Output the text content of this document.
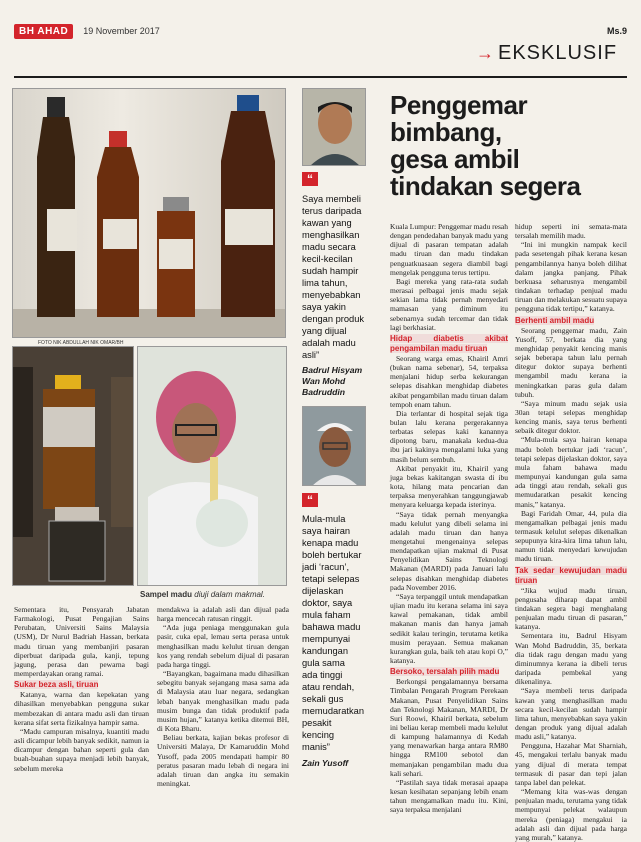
BH AHAD	19 November 2017	Ms.9
→ EKSKLUSIF
FOTO NIK ABDULLAH NIK OMAR/BH
Sampel madu diuji dalam makmal.
“
Saya membeli
terus daripada
kawan yang
menghasilkan
madu secara
kecil-kecilan
sudah hampir
lima tahun,
menyebabkan
saya yakin
dengan produk
yang dijual
adalah madu
asli”
Badrul Hisyam
Wan Mohd
Badruddin
“
Mula-mula
saya hairan
kenapa madu
boleh bertukar
jadi ‘racun’,
tetapi selepas
dijelaskan
doktor, saya
mula faham
bahawa madu
mempunyai
kandungan
gula sama
ada tinggi
atau rendah,
sekali gus
memudaratkan
pesakit
kencing
manis”
Zain Yusoff
Penggemar
bimbang,
gesa ambil
tindakan segera

Sementara itu, Pensyarah Jabatan Farmakologi, Pusat Pengajian Sains Perubatan, Universiti Sains Malaysia (USM), Dr Nurul Badriah Hassan, berkata madu tiruan yang membanjiri pasaran diperbuat daripada gula, kanji, tepung jagung, perasa dan pewarna bagi memperdayakan orang ramai.

Sukar beza asli, tiruan

Katanya, warna dan kepekatan yang dihasilkan menyebabkan pengguna sukar membezakan di antara madu asli dan tiruan kerana sifat serta fizikalnya hampir sama.

“Madu campuran misalnya, kuantiti madu asli dicampur lebih banyak sedikit, namun ia dicampur dengan bahan seperti gula dan buah-buahan supaya menjadi lebih banyak, sebelum mereka

mendakwa ia adalah asli dan dijual pada harga mencecah ratusan ringgit.

“Ada juga peniaga menggunakan gula pasir, cuka epal, lemau serta perasa untuk menghasilkan madu kelulut tiruan dengan kos yang rendah sebelum dijual di pasaran pada harga tinggi.

“Bayangkan, bagaimana madu dihasilkan sebegitu banyak sejangang masa sama ada di Malaysia atau luar negara, sedangkan lebah banyak menghasilkan madu pada musim bunga dan tidak produktif pada musim hujan,” katanya ketika ditemui BH, di Kota Bharu.

Beliau berkata, kajian bekas profesor di Universiti Malaya, Dr Kamaruddin Mohd Yusoff, pada 2005 mendapati hampir 80 peratus pasaran madu lebah di negara ini adalah tiruan dan angka itu semakin meningkat.

Kuala Lumpur: Penggemar madu resah dengan pendedahan banyak madu yang dijual di pasaran tempatan adalah madu tiruan dan madu tindakan penguatkuasaan segera diambil bagi mengelak pengguna terus tertipu.

Bagi mereka yang rata-rata sudah merasai pelbagai jenis madu sejak sekian lama tidak pernah menyedari mamasan yang diminum itu sebenarnya sudah tercemar dan tidak lagi berkhasiat.

Hidap diabetis akibat pengambilan madu tiruan

Seorang warga emas, Khairil Amri (bukan nama sebenar), 54, terpaksa menjalani hidup serba kekurangan selepas disahkan menghidap diabetes akibat pengambilan madu tiruan dalam tempoh enam tahun.

Dia terlantar di hospital sejak tiga bulan lalu kerana pergerakannya terbatas selepas kaki kanannya dipotong baru, manakala kedua-dua ibu jari kakinya mengalami luka yang masih belum sembuh.

Akibat penyakit itu, Khairil yang juga bekas kakitangan swasta di ibu kota, hilang mata pencarian dan terpaksa menyerahkan tanggungjawab menyara keluarga kepada isterinya.

“Saya tidak pernah menyangka madu kelulut yang dibeli selama ini adalah madu tiruan dan hanya mengetahui mengenainya selepas mendapatkan ujian makmal di Pusat Penyelidikan Sains Teknologi Makanan (MARDI) pada Januari lalu selepas disahkan menghidap diabetes pada November 2016.

“Saya terpanggil untuk mendapatkan ujian madu itu kerana selama ini saya kawal pemakanan, tidak ambil makanan manis dan hanya jamah sedikit kalau teringin, terutama ketika musim perayaan. Semua makanan kurangkan gula, baik teh atau kopi O,” katanya.

Bersoko, tersalah pilih madu

Berkongsi pengalamannya bersama Timbalan Pengarah Program Perekaan Makanan, Pusat Penyelidikan Sains dan Teknologi Makanan, MARDI, Dr Suri Roowi, Khairil berkata, sebelum ini beliau kerap membeli madu kelulut di kampung halamannya di Kedah yang menawarkan harga antara RM80 hingga RM100 sebotol dan memanjakan pengambilan madu dua kali sehari.

“Pastilah saya tidak merasai apaapa kesan kesihatan sepanjang lebih enam tahun mengamalkan madu itu. Kini, saya terpaksa menjalani

hidup seperti ini semata-mata tersalah memilih madu.

“Ini ini mungkin nampak kecil pada sesetengah pihak kerana kesan pengambilannya hanya boleh dilihat dalam jangka panjang. Pihak berkuasa seharusnya mengambil tindakan terhadap penjual madu tiruan dan melakukan sesuatu supaya pengguna tidak tertipu,” katanya.

Berhenti ambil madu

Seorang penggemar madu, Zain Yusoff, 57, berkata dia yang menghidap penyakit kencing manis sejak beberapa tahun lalu pernah ditegur doktor supaya berhenti mengambil madu kerana ia meningkatkan paras gula dalam tubuh.

“Saya minum madu sejak usia 30an tetapi selepas menghidap kencing manis, saya terus berhenti sebaik ditegur doktor.

“Mula-mula saya hairan kenapa madu boleh bertukar jadi ‘racun’, tetapi selepas dijelaskan doktor, saya mula faham bahawa madu mempunyai kandungan gula sama ada tinggi atau rendah, sekali gus memudaratkan pesakit kencing manis,” katanya.

Bagi Faridah Omar, 44, pula dia mengamalkan pelbagai jenis madu termasuk kelulut selepas dikenalkan sepupunya kira-kira lima tahun lalu, namun tidak menyedari kewujudan madu tiruan.

Tak sedar kewujudan madu tiruan

“Jika wujud madu tiruan, pengusaha diharap dapat ambil tindakan segera bagi menghalang penjualan madu tiruan di pasaran,” katanya.

Sementara itu, Badrul Hisyam Wan Mohd Badruddin, 35, berkata dia tidak ragu dengan madu yang diminumnya kerana ia dibeli terus daripada pembekal yang dikenalinya.

“Saya membeli terus daripada kawan yang menghasilkan madu secara kecil-kecilan sudah hampir lima tahun, menyebabkan saya yakin dengan produk yang dijual adalah madu asli,” katanya.

Pengguna, Hazahar Mat Sharniah, 45, mengakui terlalu banyak madu yang dijual di merata tempat termasuk di pasar dan tepi jalan tanpa label dan pelekat.

“Memang kita was-was dengan penjualan madu, terutama yang tidak mempunyai pelekat walaupun mereka (peniaga) mengakui ia adalah asli dan dijual pada harga yang murah,” katanya.
